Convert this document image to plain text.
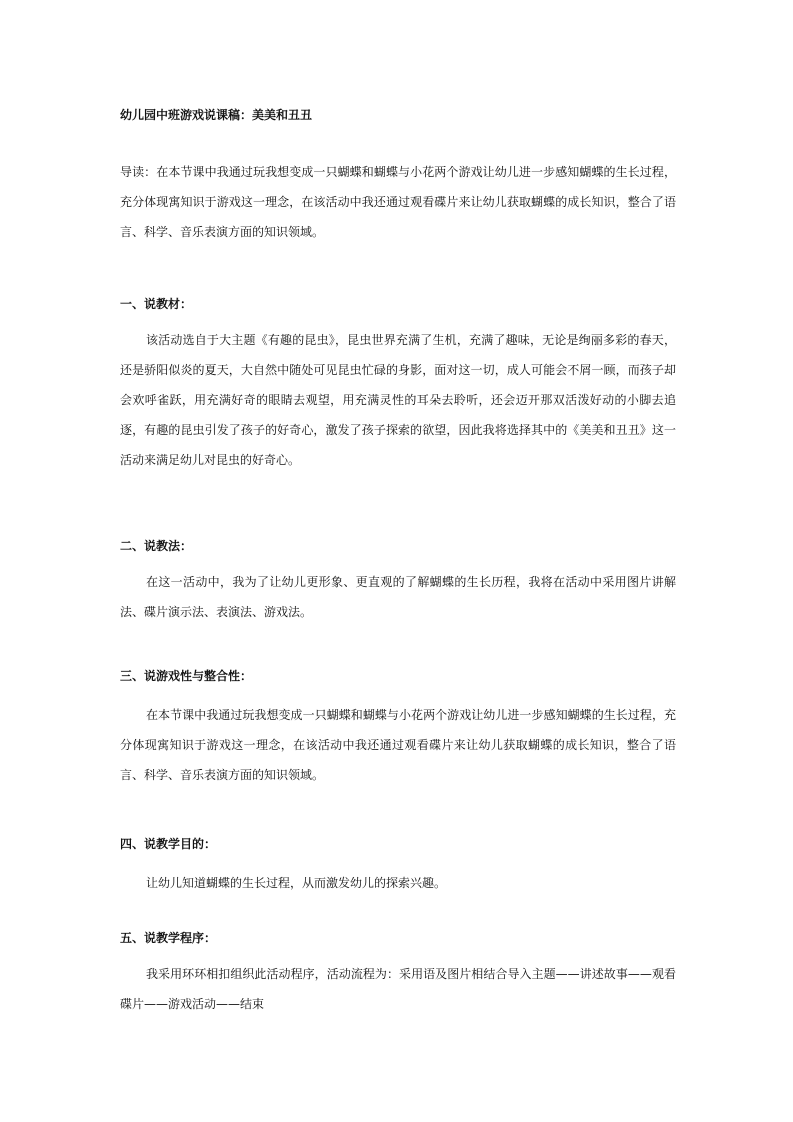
幼儿园中班游戏说课稿：美美和丑丑

导读：在本节课中我通过玩我想变成一只蝴蝶和蝴蝶与小花两个游戏让幼儿进一步感知蝴蝶的生长过程，充分体现寓知识于游戏这一理念，在该活动中我还通过观看碟片来让幼儿获取蝴蝶的成长知识，整合了语言、科学、音乐表演方面的知识领域。

一、说教材：

该活动选自于大主题《有趣的昆虫》，昆虫世界充满了生机，充满了趣味，无论是绚丽多彩的春天，还是骄阳似炎的夏天，大自然中随处可见昆虫忙碌的身影，面对这一切，成人可能会不屑一顾，而孩子却会欢呼雀跃，用充满好奇的眼睛去观望，用充满灵性的耳朵去聆听，还会迈开那双活泼好动的小脚去追逐，有趣的昆虫引发了孩子的好奇心，激发了孩子探索的欲望，因此我将选择其中的《美美和丑丑》这一活动来满足幼儿对昆虫的好奇心。

二、说教法：

在这一活动中，我为了让幼儿更形象、更直观的了解蝴蝶的生长历程，我将在活动中采用图片讲解法、碟片演示法、表演法、游戏法。

三、说游戏性与整合性：

在本节课中我通过玩我想变成一只蝴蝶和蝴蝶与小花两个游戏让幼儿进一步感知蝴蝶的生长过程，充分体现寓知识于游戏这一理念，在该活动中我还通过观看碟片来让幼儿获取蝴蝶的成长知识，整合了语言、科学、音乐表演方面的知识领域。

四、说教学目的：

让幼儿知道蝴蝶的生长过程，从而激发幼儿的探索兴趣。

五、说教学程序：

我采用环环相扣组织此活动程序，活动流程为：采用语及图片相结合导入主题——讲述故事——观看碟片——游戏活动——结束
